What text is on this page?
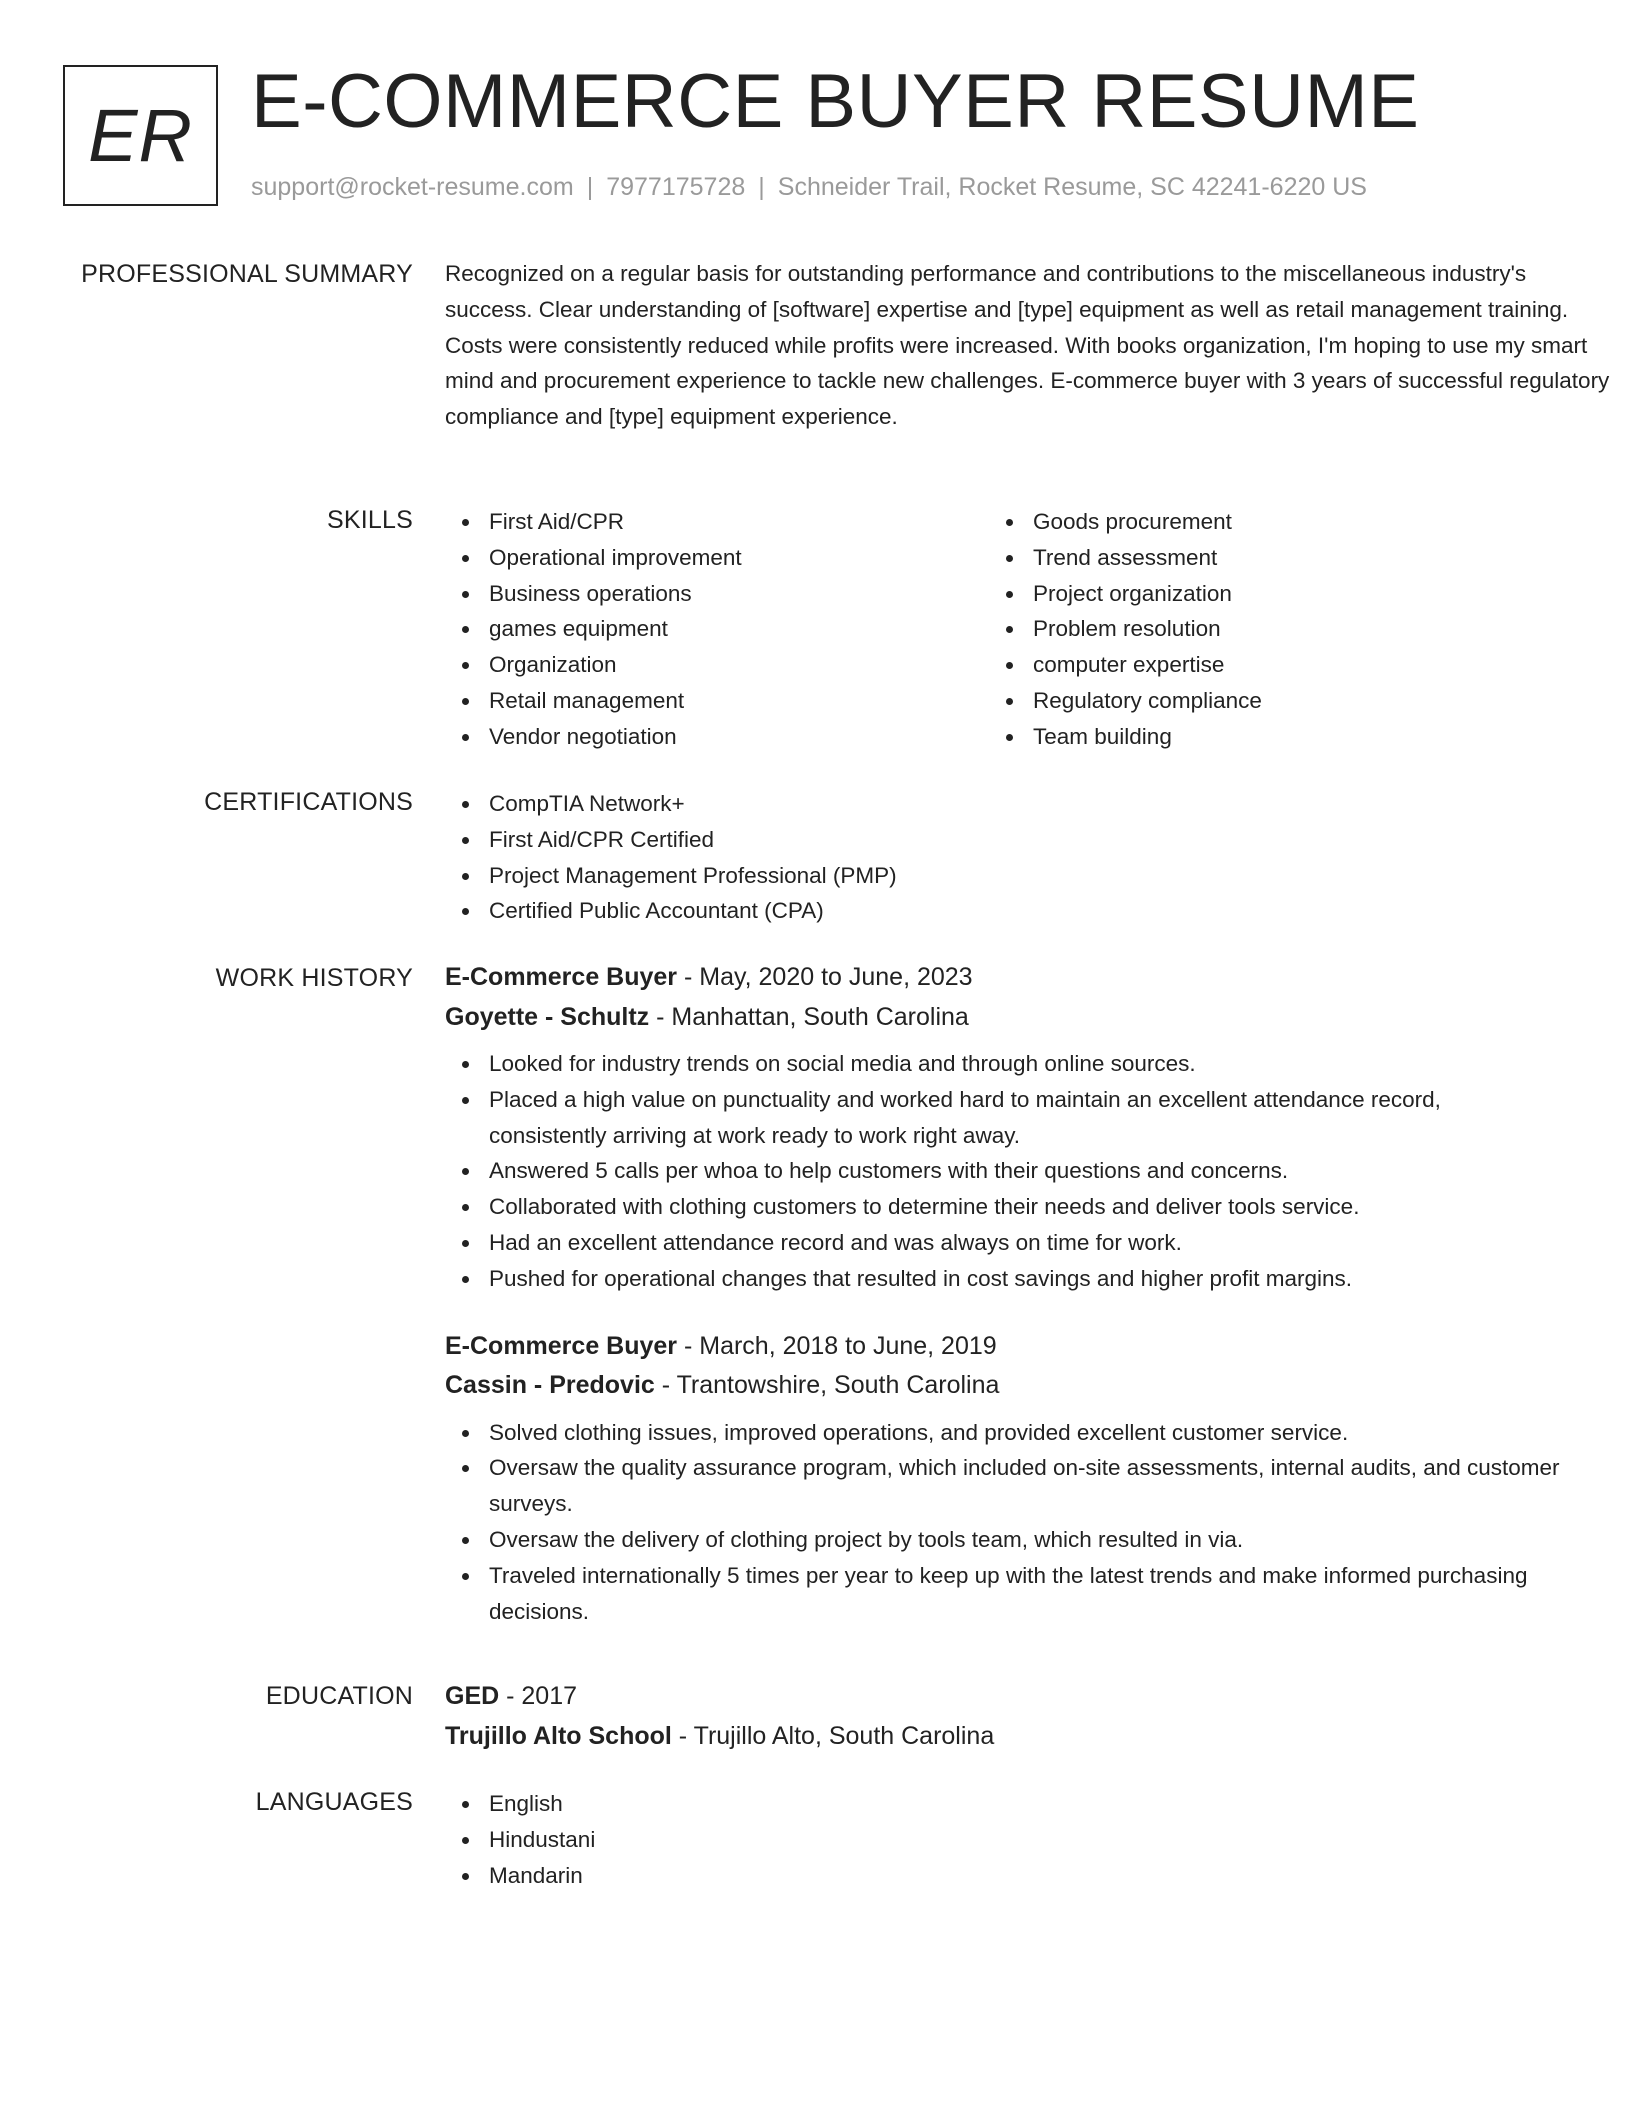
ER E-COMMERCE BUYER RESUME
support@rocket-resume.com | 7977175728 | Schneider Trail, Rocket Resume, SC 42241-6220 US
PROFESSIONAL SUMMARY Recognized on a regular basis for outstanding performance and contributions to the miscellaneous industry's success. Clear understanding of [software] expertise and [type] equipment as well as retail management training. Costs were consistently reduced while profits were increased. With books organization, I'm hoping to use my smart mind and procurement experience to tackle new challenges. E-commerce buyer with 3 years of successful regulatory compliance and [type] equipment experience.

SKILLS	First Aid/CPR
Operational improvement
Business operations
games equipment
Organization
Retail management
Vendor negotiation
Goods procurement
Trend assessment
Project organization
Problem resolution
computer expertise
Regulatory compliance
Team building
CERTIFICATIONS	CompTIA Network+
First Aid/CPR Certified
Project Management Professional (PMP)
Certified Public Accountant (CPA)
WORK HISTORY E-Commerce Buyer - May, 2020 to June, 2023
Goyette - Schultz - Manhattan, South Carolina
Looked for industry trends on social media and through online sources.
Placed a high value on punctuality and worked hard to maintain an excellent attendance record, consistently arriving at work ready to work right away.
Answered 5 calls per whoa to help customers with their questions and concerns.
Collaborated with clothing customers to determine their needs and deliver tools service.
Had an excellent attendance record and was always on time for work.
Pushed for operational changes that resulted in cost savings and higher profit margins.
E-Commerce Buyer - March, 2018 to June, 2019
Cassin - Predovic - Trantowshire, South Carolina
Solved clothing issues, improved operations, and provided excellent customer service.
Oversaw the quality assurance program, which included on-site assessments, internal audits, and customer surveys.
Oversaw the delivery of clothing project by tools team, which resulted in via.
Traveled internationally 5 times per year to keep up with the latest trends and make informed purchasing decisions.
EDUCATION GED - 2017
Trujillo Alto School - Trujillo Alto, South Carolina
LANGUAGES	English
Hindustani
Mandarin
